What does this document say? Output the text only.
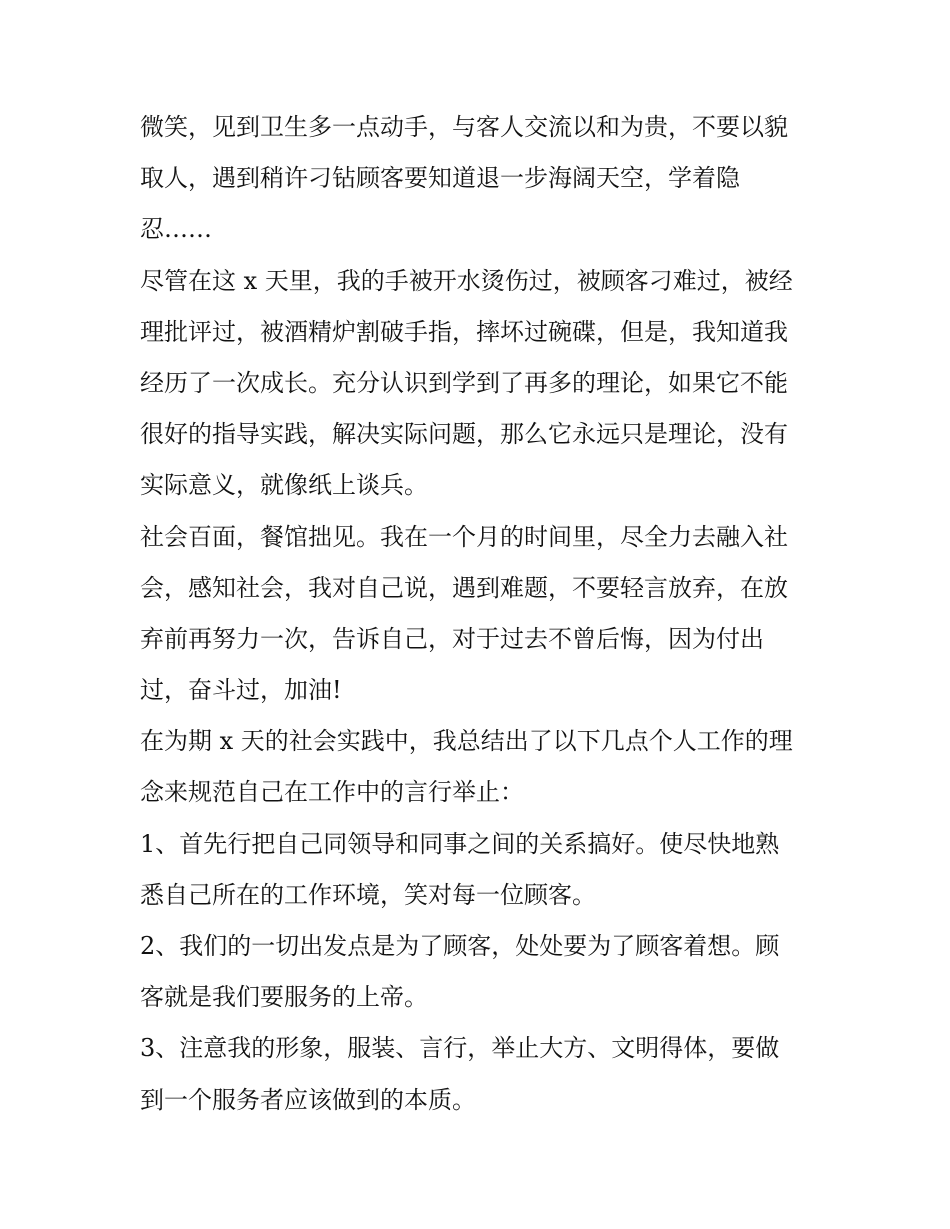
微笑，见到卫生多一点动手，与客人交流以和为贵，不要以貌
取人，遇到稍许刁钻顾客要知道退一步海阔天空，学着隐
忍……

尽管在这 x 天里，我的手被开水烫伤过，被顾客刁难过，被经
理批评过，被酒精炉割破手指，摔坏过碗碟，但是，我知道我
经历了一次成长。充分认识到学到了再多的理论，如果它不能
很好的指导实践，解决实际问题，那么它永远只是理论，没有
实际意义，就像纸上谈兵。

社会百面，餐馆拙见。我在一个月的时间里，尽全力去融入社
会，感知社会，我对自己说，遇到难题，不要轻言放弃，在放
弃前再努力一次，告诉自己，对于过去不曾后悔，因为付出
过，奋斗过，加油!

在为期 x 天的社会实践中，我总结出了以下几点个人工作的理
念来规范自己在工作中的言行举止：

1、首先行把自己同领导和同事之间的关系搞好。使尽快地熟
悉自己所在的工作环境，笑对每一位顾客。

2、我们的一切出发点是为了顾客，处处要为了顾客着想。顾
客就是我们要服务的上帝。

3、注意我的形象，服装、言行，举止大方、文明得体，要做
到一个服务者应该做到的本质。
